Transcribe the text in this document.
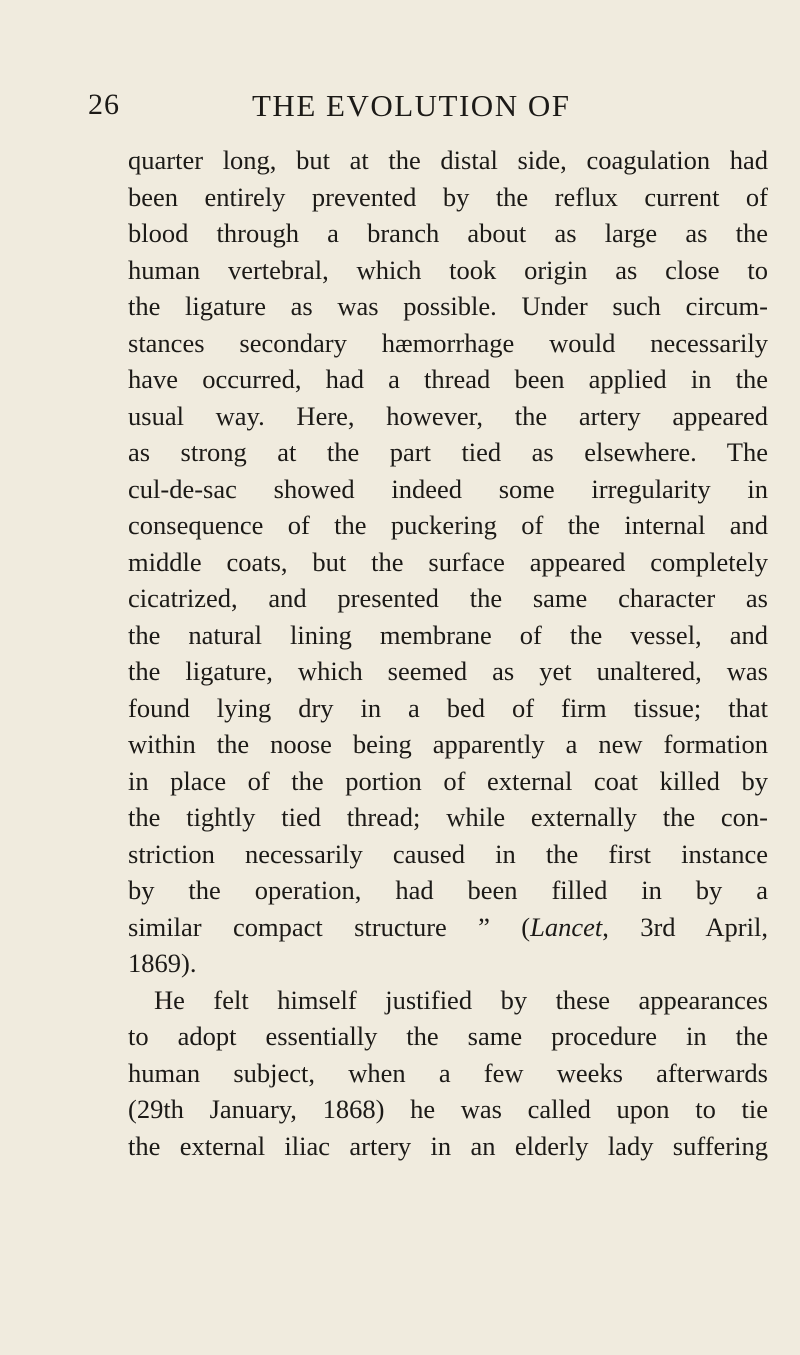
26	THE EVOLUTION OF
quarter long, but at the distal side, coagulation had
been entirely prevented by the reflux current of
blood through a branch about as large as the
human vertebral, which took origin as close to
the ligature as was possible. Under such circum-
stances secondary hæmorrhage would necessarily
have occurred, had a thread been applied in the
usual way. Here, however, the artery appeared
as strong at the part tied as elsewhere. The
cul-de-sac showed indeed some irregularity in
consequence of the puckering of the internal and
middle coats, but the surface appeared completely
cicatrized, and presented the same character as
the natural lining membrane of the vessel, and
the ligature, which seemed as yet unaltered, was
found lying dry in a bed of firm tissue; that
within the noose being apparently a new formation
in place of the portion of external coat killed by
the tightly tied thread; while externally the con-
striction necessarily caused in the first instance
by the operation, had been filled in by a
similar compact structure ” (Lancet, 3rd April,
1869).
He felt himself justified by these appearances
to adopt essentially the same procedure in the
human subject, when a few weeks afterwards
(29th January, 1868) he was called upon to tie
the external iliac artery in an elderly lady suffering
